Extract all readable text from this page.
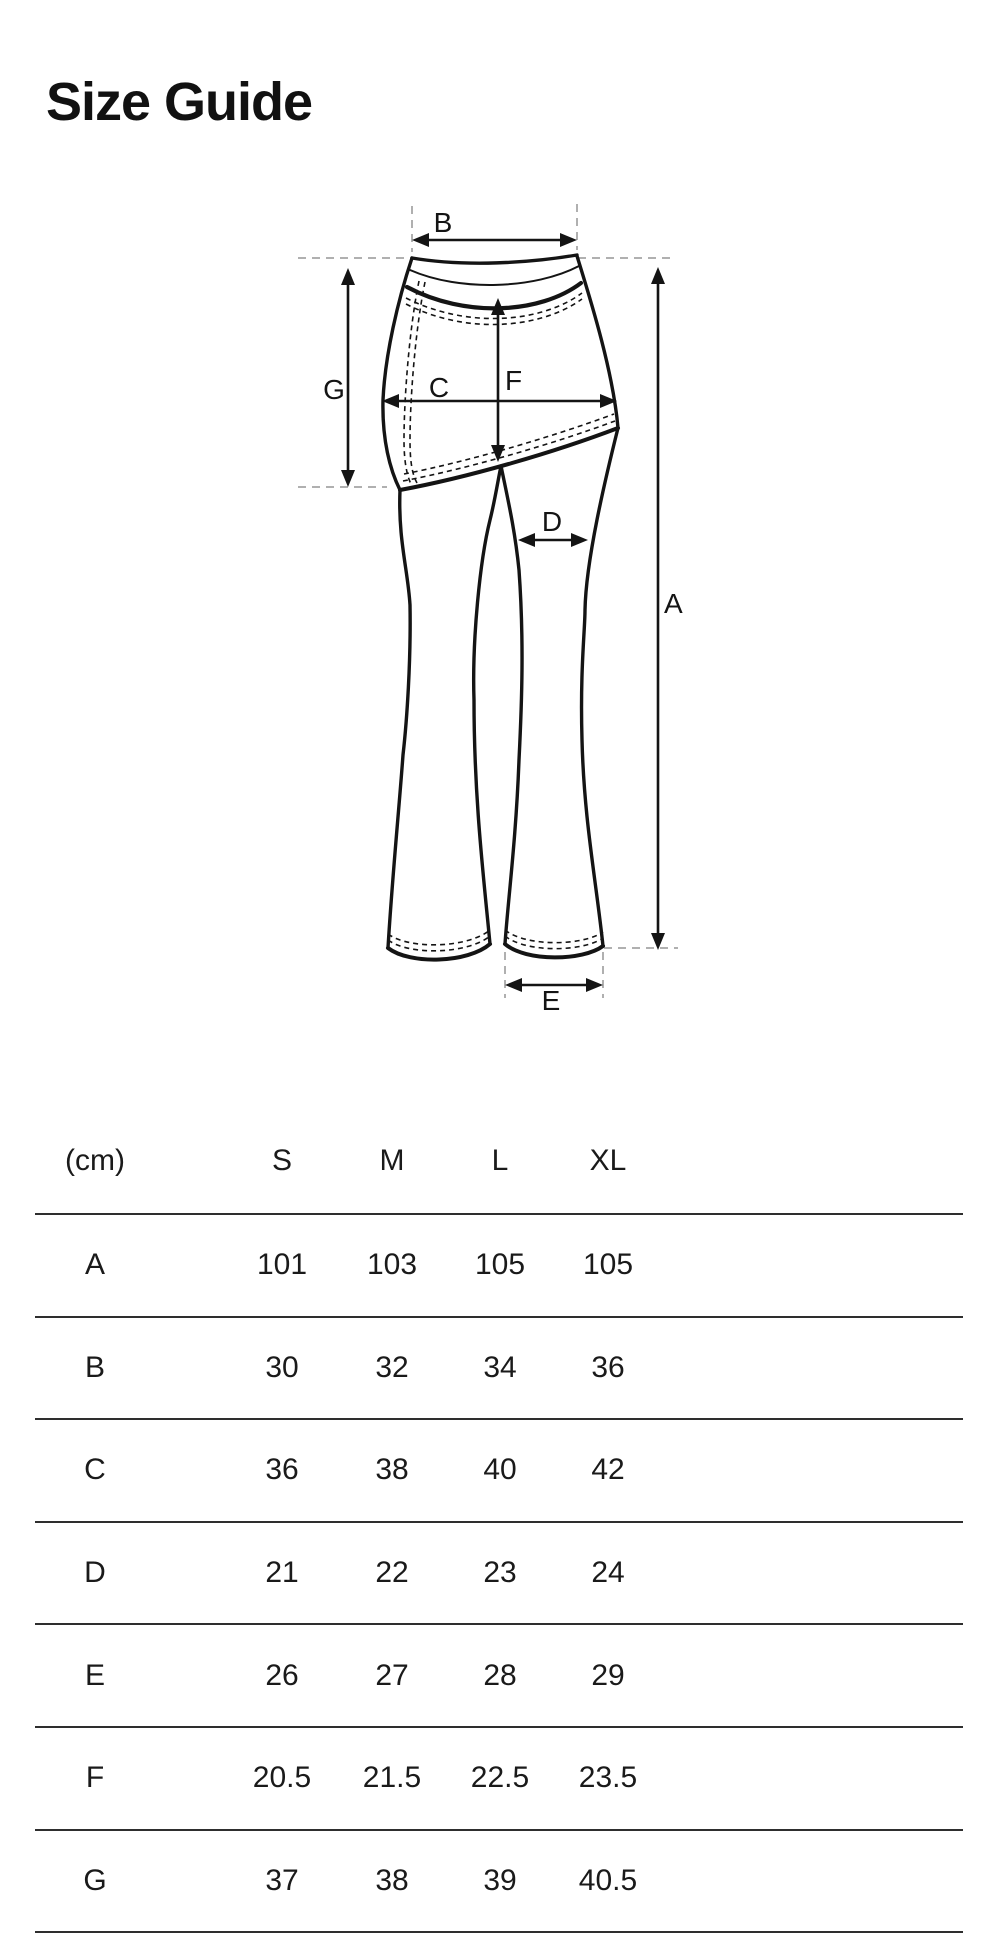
Size Guide
B
G	C F
A
D
E
(cm)	S	M	L	XL
A	101	103	105	105
B	30	32	34	36
C	36	38	40	42
D	21	22	23	24
E	26	27	28	29
F	20.5	21.5	22.5	23.5
G	37	38	39	40.5
